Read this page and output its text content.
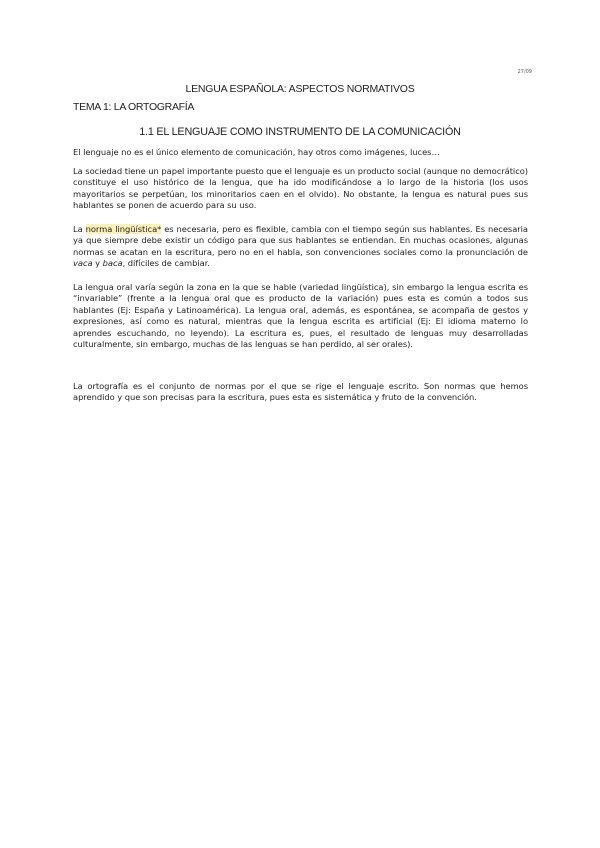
27/09
LENGUA ESPAÑOLA: ASPECTOS NORMATIVOS
TEMA 1: LA ORTOGRAFÍA
1.1 EL LENGUAJE COMO INSTRUMENTO DE LA COMUNICACIÓN
El lenguaje no es el único elemento de comunicación, hay otros como imágenes, luces…
La sociedad tiene un papel importante puesto que el lenguaje es un producto social (aunque no democrático) constituye el uso histórico de la lengua, que ha ido modificándose a lo largo de la historia (los usos mayoritarios se perpetúan, los minoritarios caen en el olvido). No obstante, la lengua es natural pues sus hablantes se ponen de acuerdo para su uso.
La norma lingüística* es necesaria, pero es flexible, cambia con el tiempo según sus hablantes. Es necesaria ya que siempre debe existir un código para que sus hablantes se entiendan. En muchas ocasiones, algunas normas se acatan en la escritura, pero no en el habla, son convenciones sociales como la pronunciación de vaca y baca, difíciles de cambiar.
La lengua oral varía según la zona en la que se hable (variedad lingüística), sin embargo la lengua escrita es “invariable” (frente a la lengua oral que es producto de la variación) pues esta es común a todos sus hablantes (Ej: España y Latinoamérica). La lengua oral, además, es espontánea, se acompaña de gestos y expresiones, así como es natural, mientras que la lengua escrita es artificial (Ej: El idioma materno lo aprendes escuchando, no leyendo). La escritura es, pues, el resultado de lenguas muy desarrolladas culturalmente, sin embargo, muchas de las lenguas se han perdido, al ser orales).
La ortografía es el conjunto de normas por el que se rige el lenguaje escrito. Son normas que hemos aprendido y que son precisas para la escritura, pues esta es sistemática y fruto de la convención.
